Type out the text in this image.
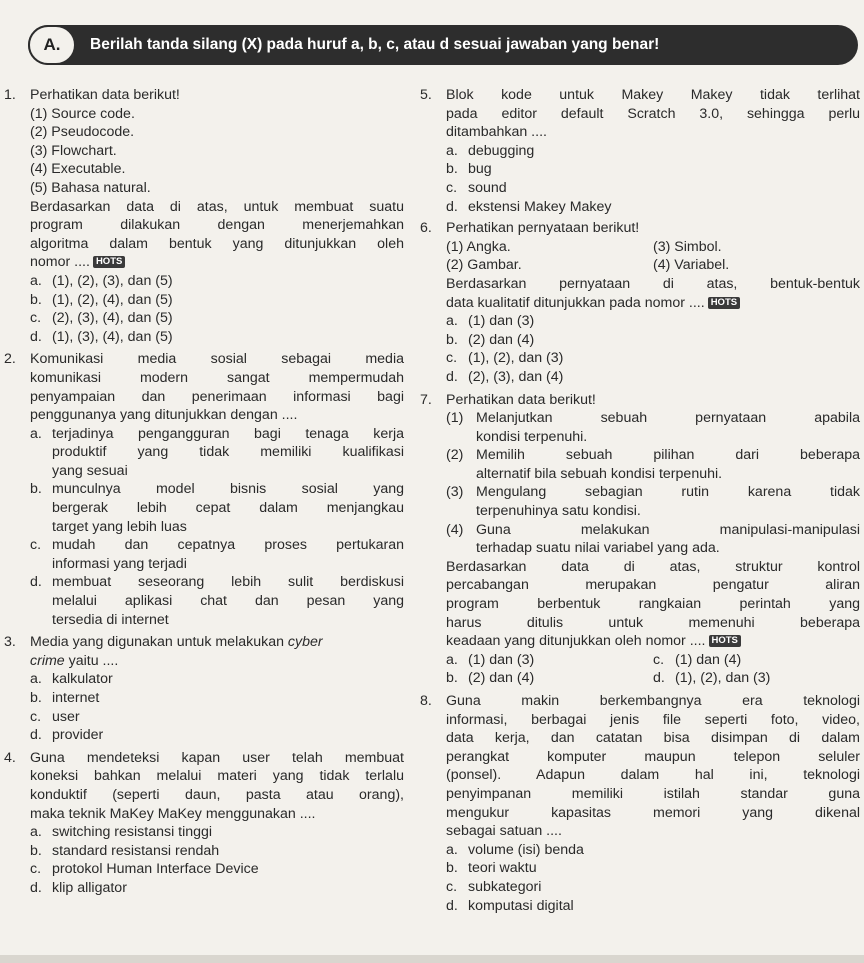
A.	Berilah tanda silang (X) pada huruf a, b, c, atau d sesuai jawaban yang benar!
1. Perhatikan data berikut!
(1) Source code.
(2) Pseudocode.
(3) Flowchart.
(4) Executable.
(5) Bahasa natural.
Berdasarkan data di atas, untuk membuat suatu
program dilakukan dengan menerjemahkan
algoritma dalam bentuk yang ditunjukkan oleh
nomor .... HOTS
a. (1), (2), (3), dan (5)
b. (1), (2), (4), dan (5)
c. (2), (3), (4), dan (5)
d. (1), (3), (4), dan (5)
2. Komunikasi media sosial sebagai media
komunikasi modern sangat mempermudah
penyampaian dan penerimaan informasi bagi
penggunanya yang ditunjukkan dengan ....
a. terjadinya pengangguran bagi tenaga kerja
produktif yang tidak memiliki kualifikasi
yang sesuai
b. munculnya model bisnis sosial yang
bergerak lebih cepat dalam menjangkau
target yang lebih luas
c. mudah dan cepatnya proses pertukaran
informasi yang terjadi
d. membuat seseorang lebih sulit berdiskusi
melalui aplikasi chat dan pesan yang
tersedia di internet
3. Media yang digunakan untuk melakukan cyber
crime yaitu ....
a. kalkulator
b. internet
c. user
d. provider
4. Guna mendeteksi kapan user telah membuat
koneksi bahkan melalui materi yang tidak terlalu
konduktif (seperti daun, pasta atau orang),
maka teknik MaKey MaKey menggunakan ....
a. switching resistansi tinggi
b. standard resistansi rendah
c. protokol Human Interface Device
d. klip alligator
5. Blok kode untuk Makey Makey tidak terlihat
pada editor default Scratch 3.0, sehingga perlu
ditambahkan ....
a. debugging
b. bug
c. sound
d. ekstensi Makey Makey
6. Perhatikan pernyataan berikut!
(1) Angka.	(3) Simbol.
(2) Gambar.	(4) Variabel.
Berdasarkan pernyataan di atas, bentuk-bentuk
data kualitatif ditunjukkan pada nomor .... HOTS
a. (1) dan (3)
b. (2) dan (4)
c. (1), (2), dan (3)
d. (2), (3), dan (4)
7. Perhatikan data berikut!
(1) Melanjutkan sebuah pernyataan apabila
kondisi terpenuhi.
(2) Memilih sebuah pilihan dari beberapa
alternatif bila sebuah kondisi terpenuhi.
(3) Mengulang sebagian rutin karena tidak
terpenuhinya satu kondisi.
(4) Guna melakukan manipulasi-manipulasi
terhadap suatu nilai variabel yang ada.
Berdasarkan data di atas, struktur kontrol
percabangan merupakan pengatur aliran
program berbentuk rangkaian perintah yang
harus ditulis untuk memenuhi beberapa
keadaan yang ditunjukkan oleh nomor .... HOTS
a. (1) dan (3)	c. (1) dan (4)
b. (2) dan (4)	d. (1), (2), dan (3)
8. Guna makin berkembangnya era teknologi
informasi, berbagai jenis file seperti foto, video,
data kerja, dan catatan bisa disimpan di dalam
perangkat komputer maupun telepon seluler
(ponsel). Adapun dalam hal ini, teknologi
penyimpanan memiliki istilah standar guna
mengukur kapasitas memori yang dikenal
sebagai satuan ....
a. volume (isi) benda
b. teori waktu
c. subkategori
d. komputasi digital
